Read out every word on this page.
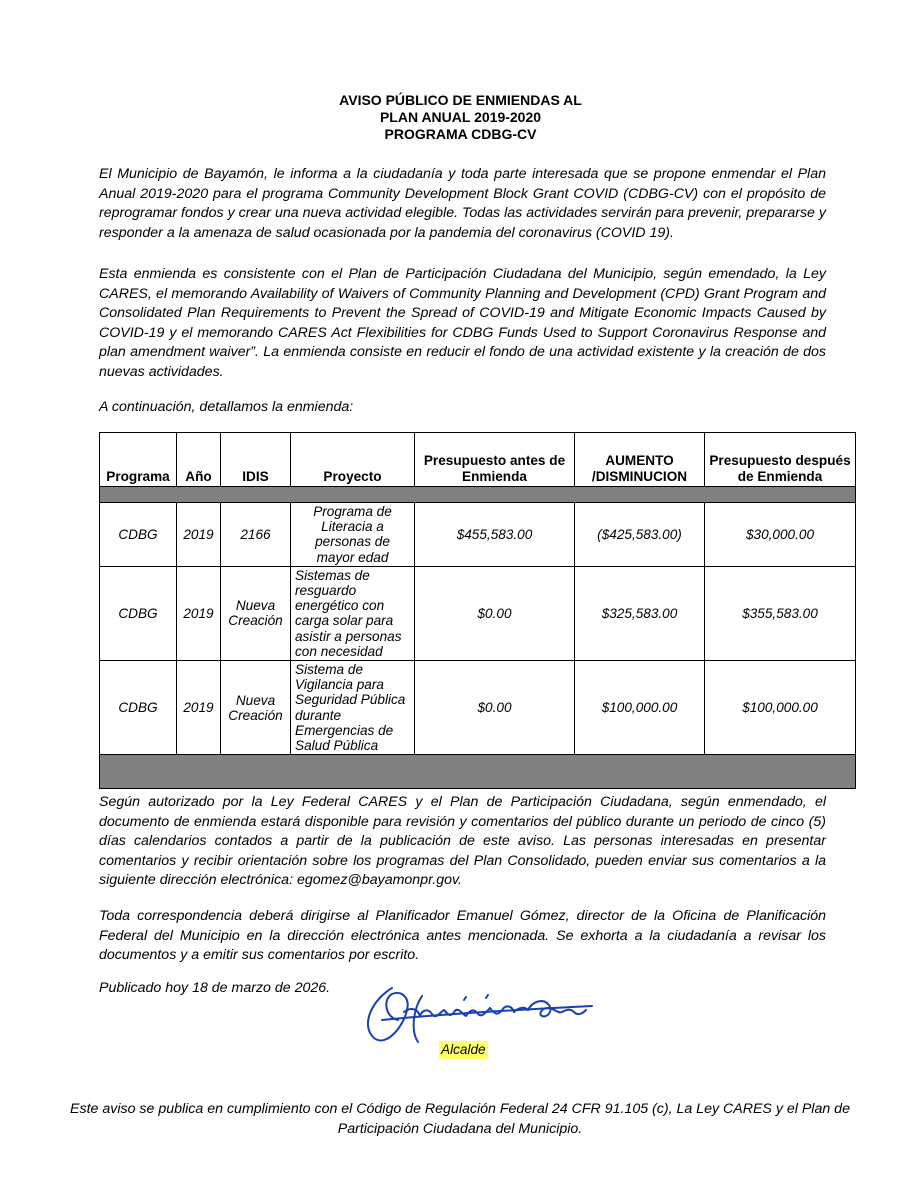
AVISO PÚBLICO DE ENMIENDAS AL
PLAN ANUAL 2019-2020
PROGRAMA CDBG-CV

El Municipio de Bayamón, le informa a la ciudadanía y toda parte interesada que se propone enmendar el Plan Anual 2019-2020 para el programa Community Development Block Grant COVID (CDBG-CV) con el propósito de reprogramar fondos y crear una nueva actividad elegible. Todas las actividades servirán para prevenir, prepararse y responder a la amenaza de salud ocasionada por la pandemia del coronavirus (COVID 19).

Esta enmienda es consistente con el Plan de Participación Ciudadana del Municipio, según emendado, la Ley CARES, el memorando Availability of Waivers of Community Planning and Development (CPD) Grant Program and Consolidated Plan Requirements to Prevent the Spread of COVID-19 and Mitigate Economic Impacts Caused by COVID-19 y el memorando CARES Act Flexibilities for CDBG Funds Used to Support Coronavirus Response and plan amendment waiver”. La enmienda consiste en reducir el fondo de una actividad existente y la creación de dos nuevas actividades.

A continuación, detallamos la enmienda:

Programa	Año	IDIS	Proyecto	Presupuesto antes de Enmienda	AUMENTO /DISMINUCION	Presupuesto después de Enmienda

CDBG	2019	2166	Programa de Literacia a personas de mayor edad	$455,583.00	($425,583.00)	$30,000.00
CDBG	2019	Nueva Creación	Sistemas de resguardo energético con carga solar para asistir a personas con necesidad	$0.00	$325,583.00	$355,583.00
CDBG	2019	Nueva Creación	Sistema de Vigilancia para Seguridad Pública durante Emergencias de Salud Pública	$0.00	$100,000.00	$100,000.00

Según autorizado por la Ley Federal CARES y el Plan de Participación Ciudadana, según enmendado, el documento de enmienda estará disponible para revisión y comentarios del público durante un periodo de cinco (5) días calendarios contados a partir de la publicación de este aviso. Las personas interesadas en presentar comentarios y recibir orientación sobre los programas del Plan Consolidado, pueden enviar sus comentarios a la siguiente dirección electrónica: egomez@bayamonpr.gov.

Toda correspondencia deberá dirigirse al Planificador Emanuel Gómez, director de la Oficina de Planificación Federal del Municipio en la dirección electrónica antes mencionada. Se exhorta a la ciudadanía a revisar los documentos y a emitir sus comentarios por escrito.

Publicado hoy 18 de marzo de 2026.
Alcalde
Este aviso se publica en cumplimiento con el Código de Regulación Federal 24 CFR 91.105 (c), La Ley CARES y el Plan de Participación Ciudadana del Municipio.
